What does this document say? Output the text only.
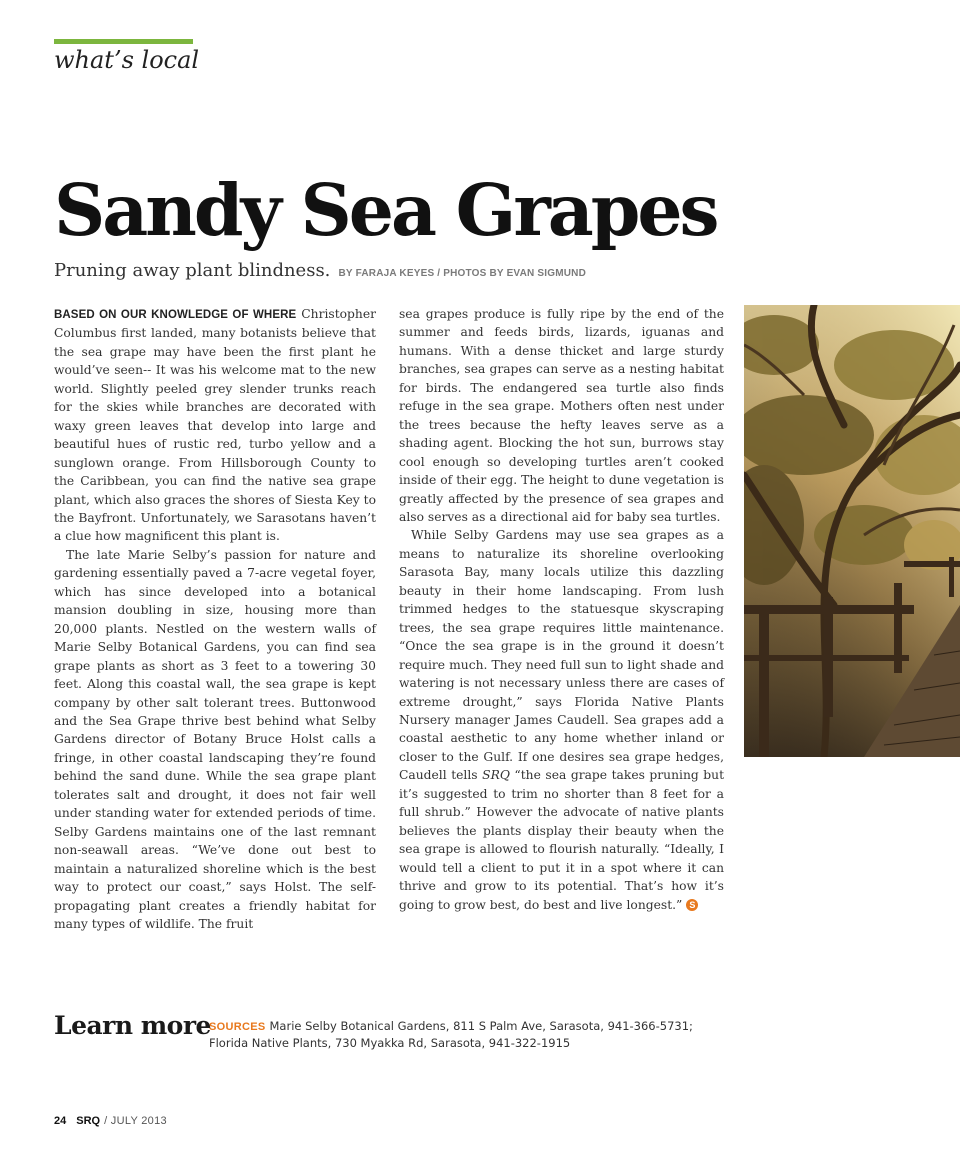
what’s local
Sandy Sea Grapes
Pruning away plant blindness. BY FARAJA KEYES / PHOTOS BY EVAN SIGMUND

BASED ON OUR KNOWLEDGE OF WHERE Christopher Columbus first landed, many botanists believe that the sea grape may have been the first plant he would’ve seen-- It was his welcome mat to the new world. Slightly peeled grey slender trunks reach for the skies while branches are decorated with waxy green leaves that develop into large and beautiful hues of rustic red, turbo yellow and a sunglown orange. From Hillsborough County to the Caribbean, you can find the native sea grape plant, which also graces the shores of Siesta Key to the Bayfront. Unfortunately, we Sarasotans haven’t a clue how magnificent this plant is.

The late Marie Selby’s passion for nature and gardening essentially paved a 7-acre vegetal foyer, which has since developed into a botanical mansion doubling in size, housing more than 20,000 plants. Nestled on the western walls of Marie Selby Botanical Gardens, you can find sea grape plants as short as 3 feet to a towering 30 feet. Along this coastal wall, the sea grape is kept company by other salt tolerant trees. Buttonwood and the Sea Grape thrive best behind what Selby Gardens director of Botany Bruce Holst calls a fringe, in other coastal landscaping they’re found behind the sand dune. While the sea grape plant tolerates salt and drought, it does not fair well under standing water for extended periods of time. Selby Gardens maintains one of the last remnant non-seawall areas. “We’ve done out best to maintain a naturalized shoreline which is the best way to protect our coast,” says Holst. The self-propagating plant creates a friendly habitat for many types of wildlife. The fruit

sea grapes produce is fully ripe by the end of the summer and feeds birds, lizards, iguanas and humans. With a dense thicket and large sturdy branches, sea grapes can serve as a nesting habitat for birds. The endangered sea turtle also finds refuge in the sea grape. Mothers often nest under the trees because the hefty leaves serve as a shading agent. Blocking the hot sun, burrows stay cool enough so developing turtles aren’t cooked inside of their egg. The height to dune vegetation is greatly affected by the presence of sea grapes and also serves as a directional aid for baby sea turtles.

While Selby Gardens may use sea grapes as a means to naturalize its shoreline overlooking Sarasota Bay, many locals utilize this dazzling beauty in their home landscaping. From lush trimmed hedges to the statuesque skyscraping trees, the sea grape requires little maintenance. “Once the sea grape is in the ground it doesn’t require much. They need full sun to light shade and watering is not necessary unless there are cases of extreme drought,” says Florida Native Plants Nursery manager James Caudell. Sea grapes add a coastal aesthetic to any home whether inland or closer to the Gulf. If one desires sea grape hedges, Caudell tells SRQ “the sea grape takes pruning but it’s suggested to trim no shorter than 8 feet for a full shrub.” However the advocate of native plants believes the plants display their beauty when the sea grape is allowed to flourish naturally. “Ideally, I would tell a client to put it in a spot where it can thrive and grow to its potential. That’s how it’s going to grow best, do best and live longest.” S

Learn more
SOURCES Marie Selby Botanical Gardens, 811 S Palm Ave, Sarasota, 941-366-5731;
Florida Native Plants, 730 Myakka Rd, Sarasota, 941-322-1915
24 SRQ / JULY 2013
